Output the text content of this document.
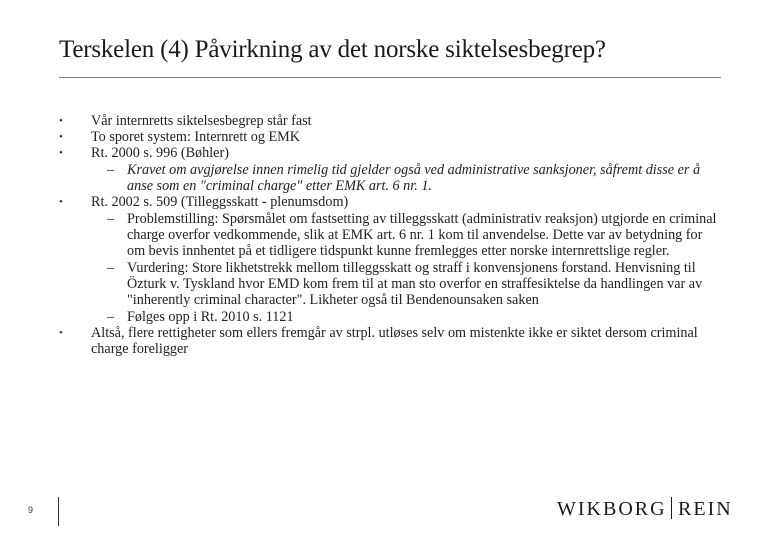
Terskelen (4) Påvirkning av det norske siktelsesbegrep?
• Vår internretts siktelsesbegrep står fast
• To sporet system: Internrett og EMK
• Rt. 2000 s. 996 (Bøhler)
– Kravet om avgjørelse innen rimelig tid gjelder også ved administrative sanksjoner, såfremt disse er å anse som en "criminal charge" etter EMK art. 6 nr. 1.
• Rt. 2002 s. 509 (Tilleggsskatt - plenumsdom)
– Problemstilling: Spørsmålet om fastsetting av tilleggsskatt (administrativ reaksjon) utgjorde en criminal charge overfor vedkommende, slik at EMK art. 6 nr. 1 kom til anvendelse. Dette var av betydning for om bevis innhentet på et tidligere tidspunkt kunne fremlegges etter norske internrettslige regler.
– Vurdering: Store likhetstrekk mellom tilleggsskatt og straff i konvensjonens forstand. Henvisning til Özturk v. Tyskland hvor EMD kom frem til at man sto overfor en straffesiktelse da handlingen var av "inherently criminal character". Likheter også til Bendenounsaken saken
– Følges opp i Rt. 2010 s. 1121
• Altså, flere rettigheter som ellers fremgår av strpl. utløses selv om mistenkte ikke er siktet dersom criminal charge foreligger
9	WIKBORG REIN
